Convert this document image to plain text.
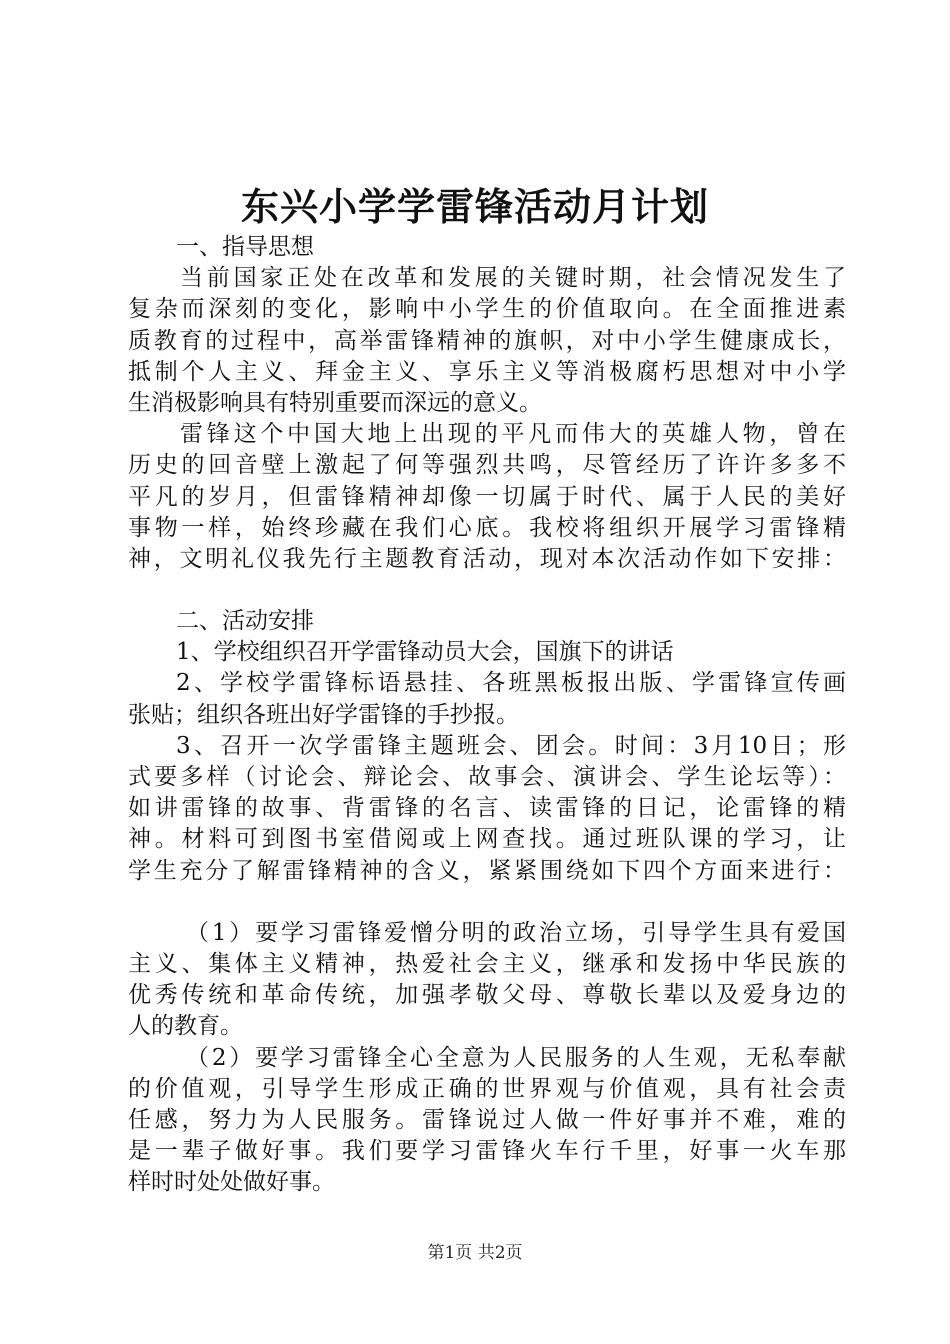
东兴小学学雷锋活动月计划
一、指导思想
当前国家正处在改革和发展的关键时期，社会情况发生了
复杂而深刻的变化，影响中小学生的价值取向。在全面推进素
质教育的过程中，高举雷锋精神的旗帜，对中小学生健康成长，
抵制个人主义、拜金主义、享乐主义等消极腐朽思想对中小学
生消极影响具有特别重要而深远的意义。
雷锋这个中国大地上出现的平凡而伟大的英雄人物，曾在
历史的回音壁上激起了何等强烈共鸣，尽管经历了许许多多不
平凡的岁月，但雷锋精神却像一切属于时代、属于人民的美好
事物一样，始终珍藏在我们心底。我校将组织开展学习雷锋精
神，文明礼仪我先行主题教育活动，现对本次活动作如下安排：
二、活动安排
1、学校组织召开学雷锋动员大会，国旗下的讲话
2、学校学雷锋标语悬挂、各班黑板报出版、学雷锋宣传画
张贴；组织各班出好学雷锋的手抄报。
3、召开一次学雷锋主题班会、团会。时间：3月10日；形
式要多样（讨论会、辩论会、故事会、演讲会、学生论坛等）：
如讲雷锋的故事、背雷锋的名言、读雷锋的日记，论雷锋的精
神。材料可到图书室借阅或上网查找。通过班队课的学习，让
学生充分了解雷锋精神的含义，紧紧围绕如下四个方面来进行：
（1）要学习雷锋爱憎分明的政治立场，引导学生具有爱国
主义、集体主义精神，热爱社会主义，继承和发扬中华民族的
优秀传统和革命传统，加强孝敬父母、尊敬长辈以及爱身边的
人的教育。
（2）要学习雷锋全心全意为人民服务的人生观，无私奉献
的价值观，引导学生形成正确的世界观与价值观，具有社会责
任感，努力为人民服务。雷锋说过人做一件好事并不难，难的
是一辈子做好事。我们要学习雷锋火车行千里，好事一火车那
样时时处处做好事。
第1页 共2页
